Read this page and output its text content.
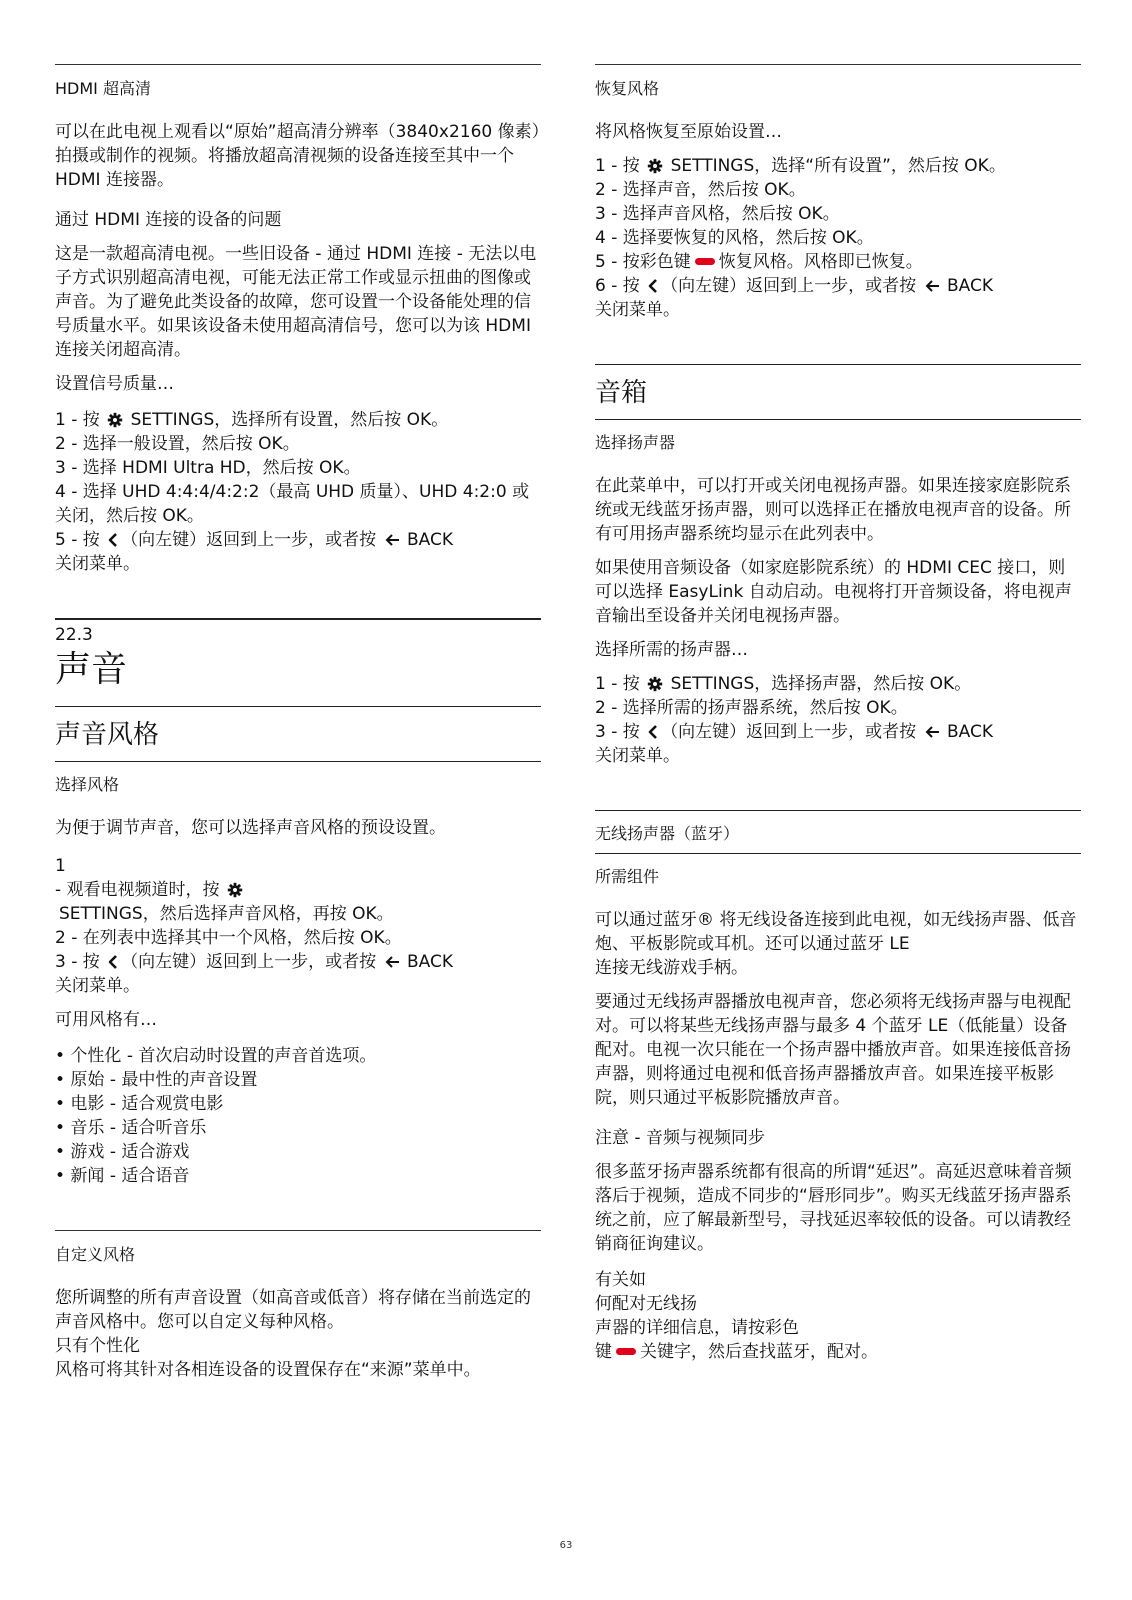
HDMI 超高清
可以在此电视上观看以“原始”超高清分辨率（3840x2160 像素）拍摄或制作的视频。将播放超高清视频的设备连接至其中一个 HDMI 连接器。
通过 HDMI 连接的设备的问题
这是一款超高清电视。一些旧设备 - 通过 HDMI 连接 - 无法以电子方式识别超高清电视，可能无法正常工作或显示扭曲的图像或声音。为了避免此类设备的故障，您可设置一个设备能处理的信号质量水平。如果该设备未使用超高清信号，您可以为该 HDMI 连接关闭超高清。
设置信号质量…
1 - 按 SETTINGS，选择所有设置，然后按 OK。
2 - 选择一般设置，然后按 OK。
3 - 选择 HDMI Ultra HD，然后按 OK。
4 - 选择 UHD 4:4:4/4:2:2（最高 UHD 质量）、UHD 4:2:0 或关闭，然后按 OK。
5 - 按 （向左键）返回到上一步，或者按 BACK
关闭菜单。
22.3
声音
声音风格
选择风格
为便于调节声音，您可以选择声音风格的预设设置。
1
- 观看电视频道时，按
SETTINGS，然后选择声音风格，再按 OK。
2 - 在列表中选择其中一个风格，然后按 OK。
3 - 按 （向左键）返回到上一步，或者按 BACK
关闭菜单。
可用风格有…
• 个性化 - 首次启动时设置的声音首选项。
• 原始 - 最中性的声音设置
• 电影 - 适合观赏电影
• 音乐 - 适合听音乐
• 游戏 - 适合游戏
• 新闻 - 适合语音
自定义风格
您所调整的所有声音设置（如高音或低音）将存储在当前选定的声音风格中。您可以自定义每种风格。
只有个性化
风格可将其针对各相连设备的设置保存在“来源”菜单中。
恢复风格
将风格恢复至原始设置…
1 - 按 SETTINGS，选择“所有设置”，然后按 OK。
2 - 选择声音，然后按 OK。
3 - 选择声音风格，然后按 OK。
4 - 选择要恢复的风格，然后按 OK。
5 - 按彩色键 恢复风格。风格即已恢复。
6 - 按 （向左键）返回到上一步，或者按 BACK
关闭菜单。
音箱
选择扬声器
在此菜单中，可以打开或关闭电视扬声器。如果连接家庭影院系统或无线蓝牙扬声器，则可以选择正在播放电视声音的设备。所有可用扬声器系统均显示在此列表中。
如果使用音频设备（如家庭影院系统）的 HDMI CEC 接口，则可以选择 EasyLink 自动启动。电视将打开音频设备，将电视声音输出至设备并关闭电视扬声器。
选择所需的扬声器…
1 - 按 SETTINGS，选择扬声器，然后按 OK。
2 - 选择所需的扬声器系统，然后按 OK。
3 - 按 （向左键）返回到上一步，或者按 BACK
关闭菜单。
无线扬声器（蓝牙）
所需组件
可以通过蓝牙® 将无线设备连接到此电视，如无线扬声器、低音炮、平板影院或耳机。还可以通过蓝牙 LE
连接无线游戏手柄。
要通过无线扬声器播放电视声音，您必须将无线扬声器与电视配对。可以将某些无线扬声器与最多 4 个蓝牙 LE（低能量）设备配对。电视一次只能在一个扬声器中播放声音。如果连接低音扬声器，则将通过电视和低音扬声器播放声音。如果连接平板影院，则只通过平板影院播放声音。
注意 - 音频与视频同步
很多蓝牙扬声器系统都有很高的所谓“延迟”。高延迟意味着音频落后于视频，造成不同步的“唇形同步”。购买无线蓝牙扬声器系统之前，应了解最新型号，寻找延迟率较低的设备。可以请教经销商征询建议。
有关如
何配对无线扬
声器的详细信息，请按彩色
键 关键字，然后查找蓝牙，配对。
63
